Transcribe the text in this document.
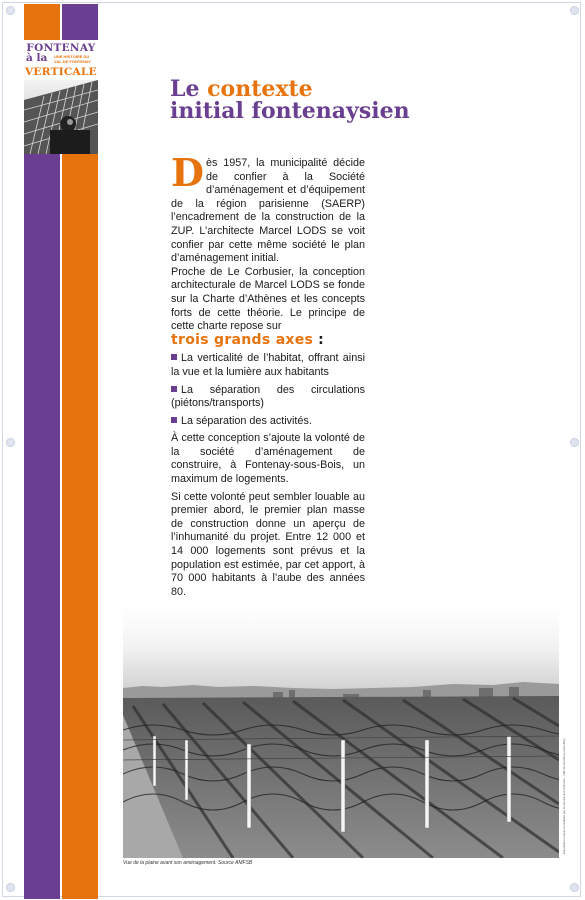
FONTENAY
à la UNE HISTOIRE DU VAL DE FONTENAY
VERTICALE
Le contexte
initial fontenaysien

Dès 1957, la municipalité décide de confier à la Société d’aménagement et d’équipement de la région parisienne (SAERP) l’encadrement de la construction de la ZUP. L’architecte Marcel LODS se voit confier par cette même société le plan d’aménagement initial.

Proche de Le Corbusier, la conception architecturale de Marcel LODS se fonde sur la Charte d’Athènes et les concepts forts de cette théorie. Le principe de cette charte repose sur
trois grands axes :

La verticalité de l’habitat, offrant ainsi la vue et la lumière aux habitants

La séparation des circulations (piétons/transports)

La séparation des activités.

À cette conception s’ajoute la volonté de la société d’aménagement de construire, à Fontenay-sous-Bois, un maximum de logements.

Si cette volonté peut sembler louable au premier abord, le premier plan masse de construction donne un aperçu de l’inhumanité du projet. Entre 12 000 et 14 000 logements sont prévus et la population est estimée, par cet apport, à 70 000 habitants à l’aube des années

Vue de la plaine avant son aménagement. Source AMFSB
Exposition conçue et réalisée par le service des Archives · Ville de Fontenay-sous-Bois
